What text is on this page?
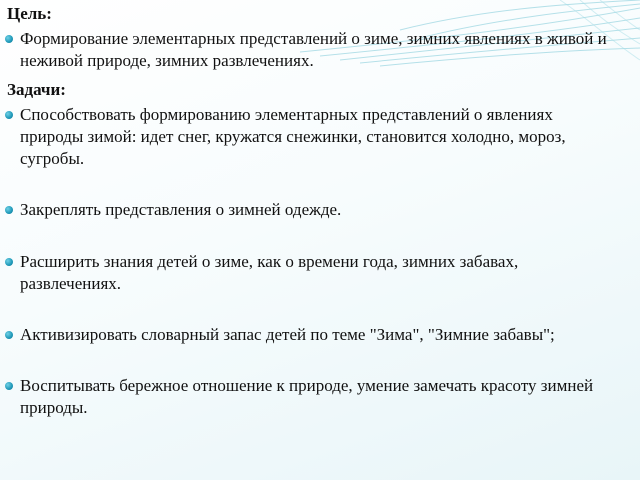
Цель:
Формирование элементарных представлений о зиме, зимних явлениях в живой и неживой природе, зимних развлечениях.
Задачи:
Способствовать формированию элементарных представлений о явлениях природы зимой: идет снег, кружатся снежинки, становится холодно, мороз, сугробы.
Закреплять представления о зимней одежде.
Расширить знания детей о зиме, как о времени года, зимних забавах, развлечениях.
Активизировать словарный запас детей по теме "Зима", "Зимние забавы";
Воспитывать бережное отношение к природе, умение замечать красоту зимней природы.
